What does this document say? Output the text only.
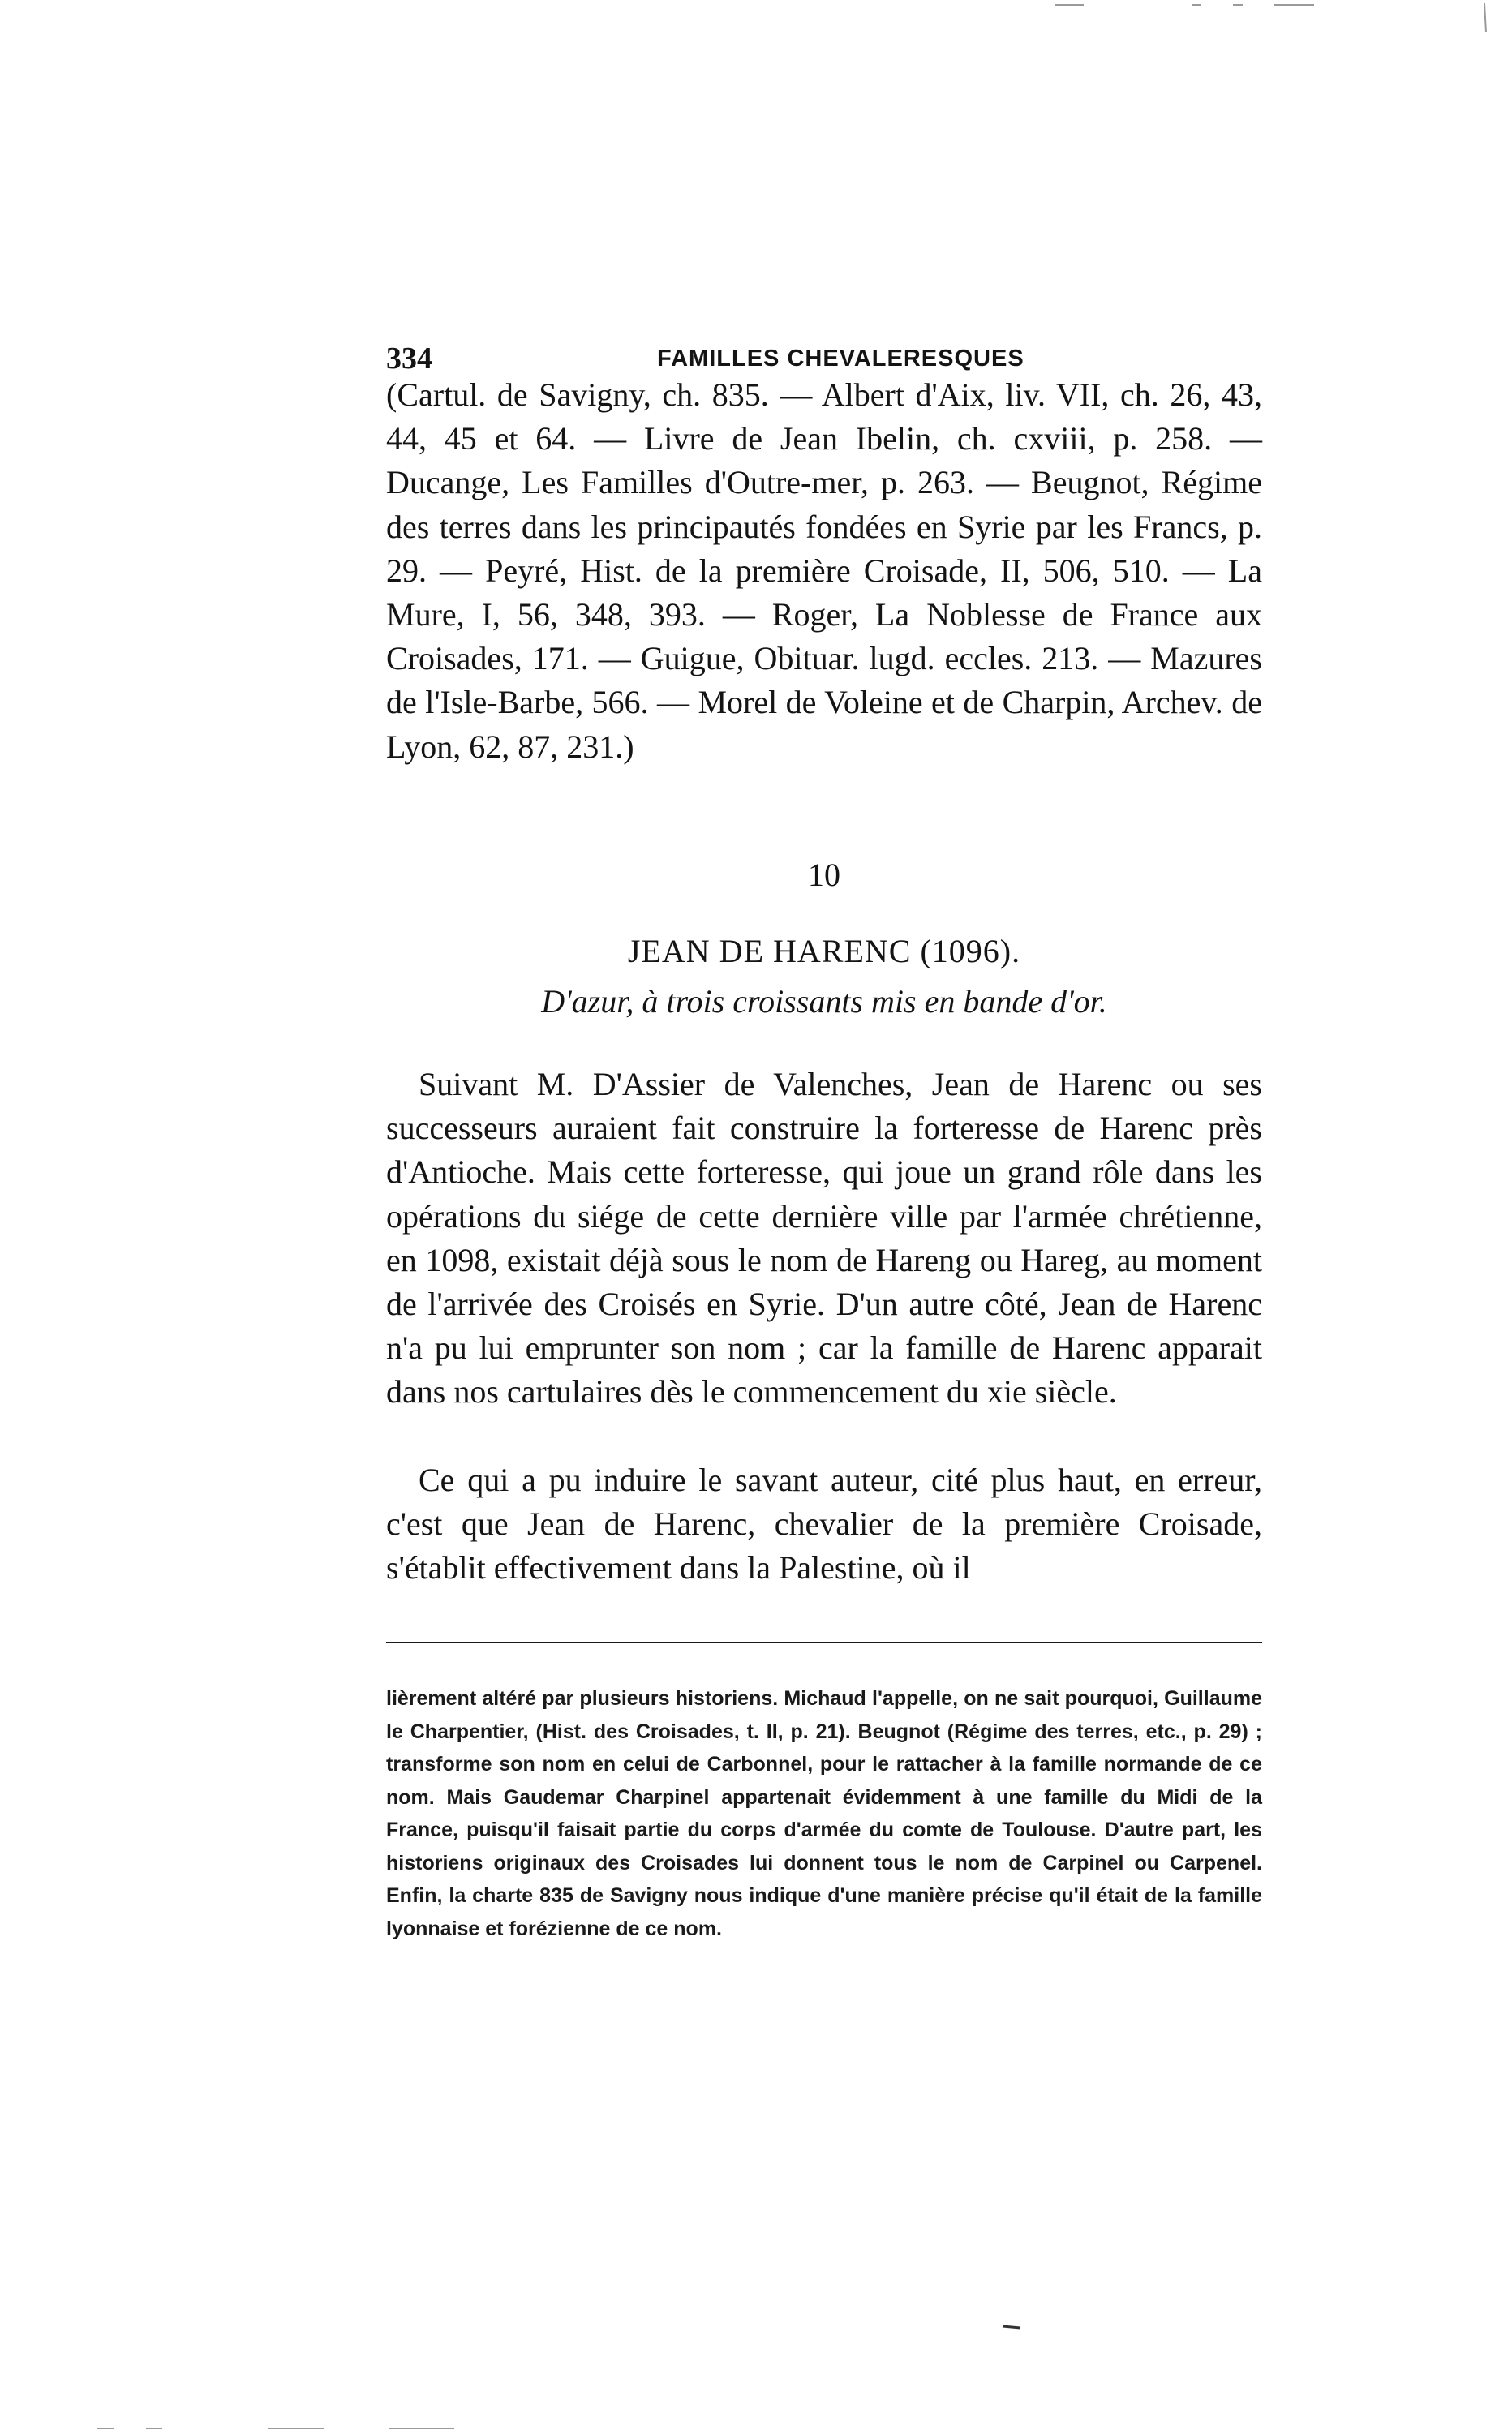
334	FAMILLES CHEVALERESQUES

(Cartul. de Savigny, ch. 835. — Albert d'Aix, liv. VII, ch. 26, 43, 44, 45 et 64. — Livre de Jean Ibelin, ch. cxviii, p. 258. — Ducange, Les Familles d'Outre-mer, p. 263. — Beugnot, Régime des terres dans les principautés fondées en Syrie par les Francs, p. 29. — Peyré, Hist. de la première Croisade, II, 506, 510. — La Mure, I, 56, 348, 393. — Roger, La Noblesse de France aux Croisades, 171. — Guigue, Obituar. lugd. eccles. 213. — Mazures de l'Isle-Barbe, 566. — Morel de Voleine et de Charpin, Archev. de Lyon, 62, 87, 231.)

10

JEAN DE HARENC (1096).

D'azur, à trois croissants mis en bande d'or.

Suivant M. D'Assier de Valenches, Jean de Harenc ou ses successeurs auraient fait construire la forteresse de Harenc près d'Antioche. Mais cette forteresse, qui joue un grand rôle dans les opérations du siége de cette dernière ville par l'armée chrétienne, en 1098, existait déjà sous le nom de Hareng ou Hareg, au moment de l'arrivée des Croisés en Syrie. D'un autre côté, Jean de Harenc n'a pu lui emprunter son nom ; car la famille de Harenc apparait dans nos cartulaires dès le commencement du xie siècle.

Ce qui a pu induire le savant auteur, cité plus haut, en erreur, c'est que Jean de Harenc, chevalier de la première Croisade, s'établit effectivement dans la Palestine, où il

lièrement altéré par plusieurs historiens. Michaud l'appelle, on ne sait pourquoi, Guillaume le Charpentier, (Hist. des Croisades, t. II, p. 21). Beugnot (Régime des terres, etc., p. 29) ; transforme son nom en celui de Carbonnel, pour le rattacher à la famille normande de ce nom. Mais Gaudemar Charpinel appartenait évidemment à une famille du Midi de la France, puisqu'il faisait partie du corps d'armée du comte de Toulouse. D'autre part, les historiens originaux des Croisades lui donnent tous le nom de Carpinel ou Carpenel. Enfin, la charte 835 de Savigny nous indique d'une manière précise qu'il était de la famille lyonnaise et forézienne de ce nom.
